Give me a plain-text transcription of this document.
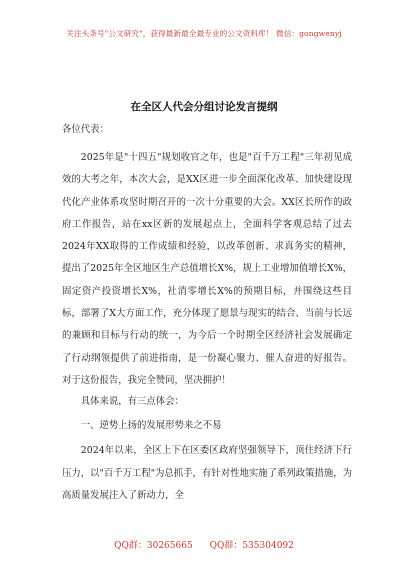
关注头条号"公文研究"，获得最新最全最专业的公文资料库！ 微信：gongwenyj
在全区人代会分组讨论发言提纲

各位代表：

2025年是"十四五"规划收官之年，也是"百千万工程"三年初见成效的大考之年，本次大会，是XX区进一步全面深化改革、加快建设现代化产业体系攻坚时期召开的一次十分重要的大会。XX区长所作的政府工作报告，站在xx区新的发展起点上，全面科学客观总结了过去2024年XX取得的工作成绩和经验，以改革创新、求真务实的精神，提出了2025年全区地区生产总值增长X%，规上工业增加值增长X%，固定资产投资增长X%，社消零增长X%的预期目标，并围绕这些目标，部署了X大方面工作，充分体现了愿景与现实的结合、当前与长远的兼顾和目标与行动的统一，为今后一个时期全区经济社会发展确定了行动纲领提供了前进指南，是一份凝心聚力、催人奋进的好报告。对于这份报告，我完全赞同，坚决拥护！

具体来说，有三点体会：

一、逆势上扬的发展形势来之不易

2024年以来，全区上下在区委区政府坚强领导下，顶住经济下行压力，以"百千万工程"为总抓手，有针对性地实施了系列政策措施，为高质量发展注入了新动力，全

QQ群：30265665 QQ群：535304092
